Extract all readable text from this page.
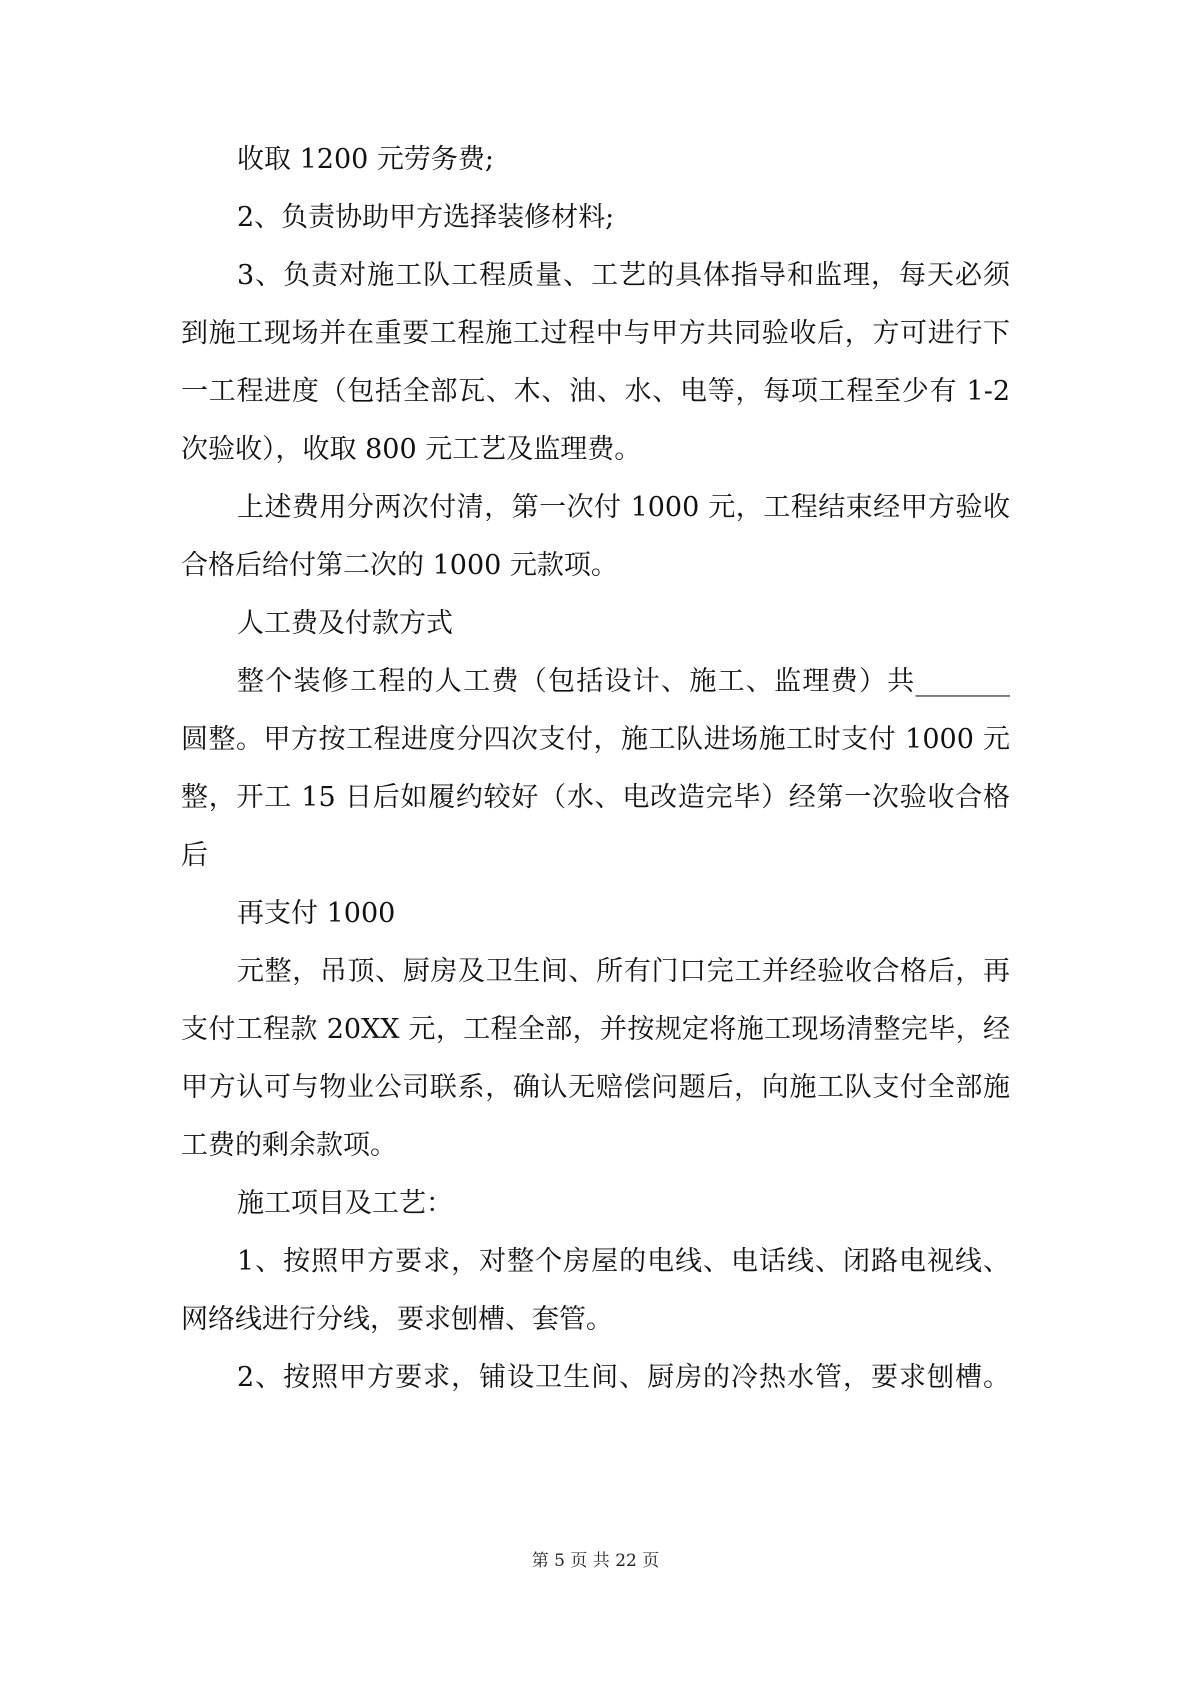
收取 1200 元劳务费;
2、负责协助甲方选择装修材料;
3、负责对施工队工程质量、工艺的具体指导和监理，每天必须
到施工现场并在重要工程施工过程中与甲方共同验收后，方可进行下
一工程进度（包括全部瓦、木、油、水、电等，每项工程至少有 1-2
次验收），收取 800 元工艺及监理费。
上述费用分两次付清，第一次付 1000 元，工程结束经甲方验收
合格后给付第二次的 1000 元款项。
人工费及付款方式
整个装修工程的人工费（包括设计、施工、监理费）共_______
圆整。甲方按工程进度分四次支付，施工队进场施工时支付 1000 元
整，开工 15 日后如履约较好（水、电改造完毕）经第一次验收合格
后
再支付 1000
元整，吊顶、厨房及卫生间、所有门口完工并经验收合格后，再
支付工程款 20XX 元，工程全部，并按规定将施工现场清整完毕，经
甲方认可与物业公司联系，确认无赔偿问题后，向施工队支付全部施
工费的剩余款项。
施工项目及工艺：
1、按照甲方要求，对整个房屋的电线、电话线、闭路电视线、
网络线进行分线，要求刨槽、套管。
2、按照甲方要求，铺设卫生间、厨房的冷热水管，要求刨槽。
第 5 页 共 22 页
